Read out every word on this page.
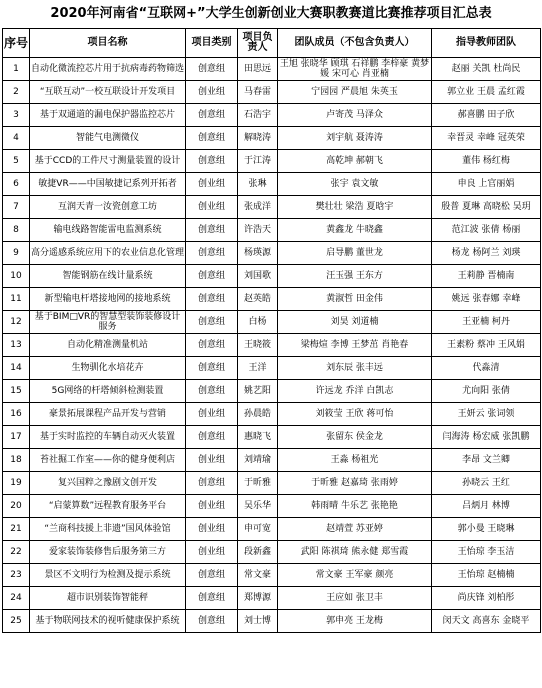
2020年河南省“互联网+”大学生创新创业大赛职教赛道比赛推荐项目汇总表
序号	项目名称	项目类别	项目负责人	团队成员（不包含负责人）	指导教师团队
1	自动化微流控芯片用于抗病毒药物筛选	创意组	田思远	王旭 张晓华 顾琪 石祥鹏 李梓豪 黄梦媛 宋可心 肖亚楠	赵丽 关凯 杜尚民
2	“互联互动”一校互联设计开发项目	创业组	马春雷	宁园园 严晨旭 朱英玉	郭立业 王晨 孟红霞
3	基于双通道的漏电保护器监控芯片	创意组	石浩宇	卢寄茂 马泽众	郝喜鹏 田子欣
4	智能气电测微仪	创意组	解晓涛	刘宇航 聂涛涛	幸晋灵 幸峰 冠英荣
5	基于CCD的工件尺寸测量装置的设计	创意组	于江涛	高乾坤 郝朝飞	董伟 杨红梅
6	敏捷VR——中国敏捷记系列开拓者	创业组	张琳	张宇 袁文敏	申良 上官丽娟
7	互润天青一汝瓷创意工坊	创业组	张成洋	樊壮壮 梁浩 夏晗宇	殷普 夏琳 高晓松 吴玥
8	输电线路智能雷电监测系统	创意组	许浩天	黄鑫龙 牛晓鑫	范江波 张倩 杨丽
9	高分遥感系统应用下的农业信息化管理	创意组	杨瑛源	启导鹏 董世龙	杨龙 杨阿兰 刘瑛
10	智能钢筋在线计量系统	创意组	刘国歌	汪玉强 王东方	王莉静 晋楠南
11	新型输电杆塔接地网的接地系统	创意组	赵英皓	黄淑哲 田金伟	姚远 张春娜 幸峰
12	基于BIM□VR的智慧型装饰装修设计服务	创意组	白杨	刘昊 刘道楠	王亚楠 柯丹
13	自动化精准测量机站	创意组	王晓筱	梁梅煊 李博 王梦茁 肖艳春	王素粉 蔡冲 王风娟
14	生物驯化水培花卉	创意组	王洋	刘东辰 张丰远	代淼清
15	5G网络的杆塔倾斜检测装置	创意组	姚艺阳	许远龙 乔洋 白凯志	尤向阳 张倩
16	豪景拓展课程产品开发与营销	创业组	孙晨皓	刘筱莹 王欣 蒋可怡	王妍云 张词领
17	基于实时监控的车辆自动灭火装置	创意组	惠晓飞	张留东 侯金龙	闫海涛 杨宏威 张凯鹏
18	苔社掘工作室——你的健身便利店	创业组	刘靖瑜	王淼 杨祖光	李昂 文兰卿
19	复兴国粹之豫剧文创开发	创意组	于昕雅	于昕雅 赵嘉琦 张雨婷	孙晓云 王红
20	“启蒙算数”远程教育服务平台	创业组	吴乐华	韩雨晴 牛乐艺 张艳艳	吕炳月 林博
21	“兰商科技援上非遗”国风体验馆	创业组	申可宽	赵靖萱 苏亚婷	郭小曼 王晓琳
22	爱家装饰装修售后服务第三方	创业组	段新鑫	武阳 陈祺琦 熊永健 郑雪霞	王怡琼 李玉洁
23	景区不文明行为检测及提示系统	创意组	常文豪	常文豪 王军豪 颜亮	王怡琼 赵楠楠
24	超市识别装饰智能秤	创意组	郑博源	王应如 张卫丰	尚庆锋 刘柏彤
25	基于物联网技术的视听健康保护系统	创意组	刘士博	郭申亮 王龙梅	闵天文 高喜东 金晓平
